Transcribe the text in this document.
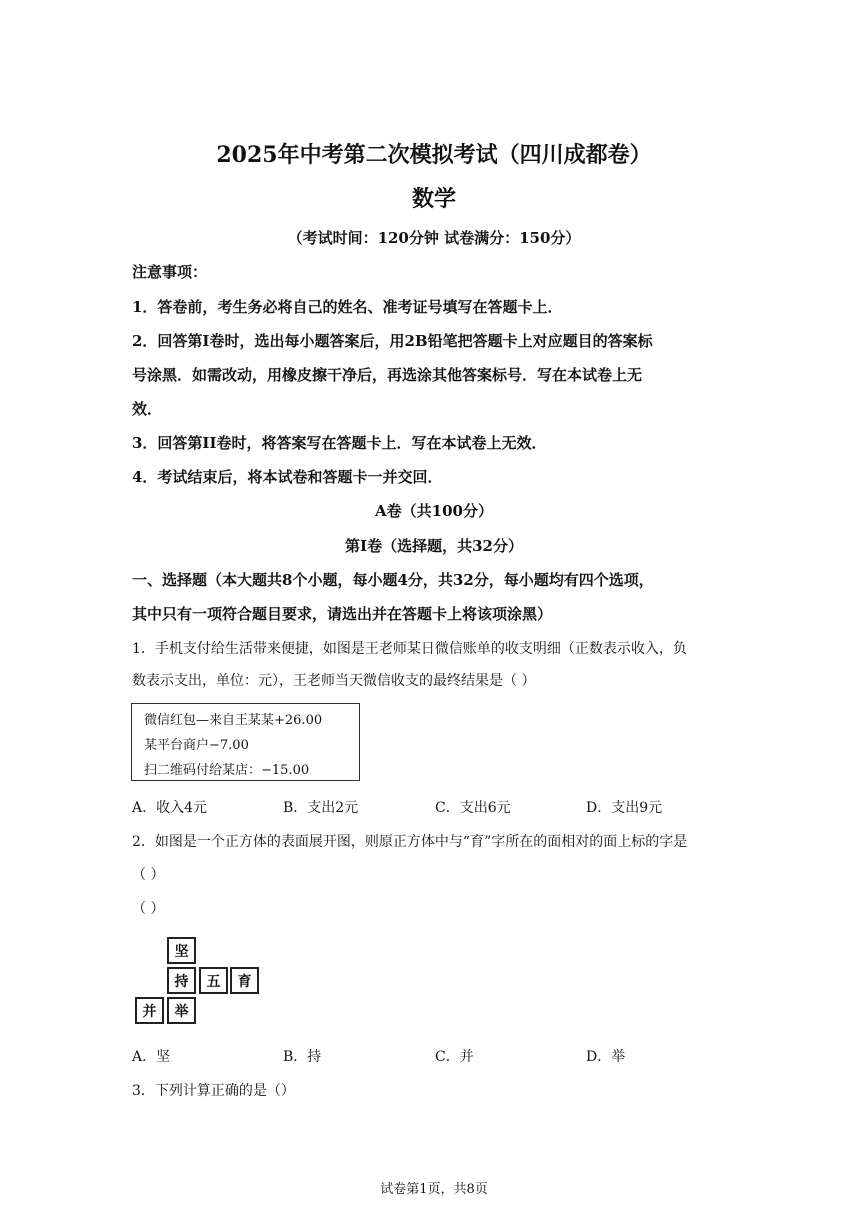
2025年中考第二次模拟考试（四川成都卷）
数学
（考试时间：120分钟 试卷满分：150分）
注意事项：
1．答卷前，考生务必将自己的姓名、准考证号填写在答题卡上．
2．回答第I卷时，选出每小题答案后，用2B铅笔把答题卡上对应题目的答案标
号涂黑．如需改动，用橡皮擦干净后，再选涂其他答案标号．写在本试卷上无
效．
3．回答第II卷时，将答案写在答题卡上．写在本试卷上无效．
4．考试结束后，将本试卷和答题卡一并交回．
A卷（共100分）
第I卷（选择题，共32分）
一、选择题（本大题共8个小题，每小题4分，共32分，每小题均有四个选项，
其中只有一项符合题目要求，请选出并在答题卡上将该项涂黑）
1．手机支付给生活带来便捷，如图是王老师某日微信账单的收支明细（正数表示收入，负
数表示支出，单位：元），王老师当天微信收支的最终结果是（ ）
微信红包—来自王某某+26.00
某平台商户−7.00
扫二维码付给某店：−15.00
A．收入4元	B．支出2元	C．支出6元	D．支出9元
2．如图是一个正方体的表面展开图，则原正方体中与“育”字所在的面相对的面上标的字是
（ ）
（ ）
坚
持	五	育
并	举
A．坚	B．持	C．并	D．举
3．下列计算正确的是（）
试卷第1页，共8页
